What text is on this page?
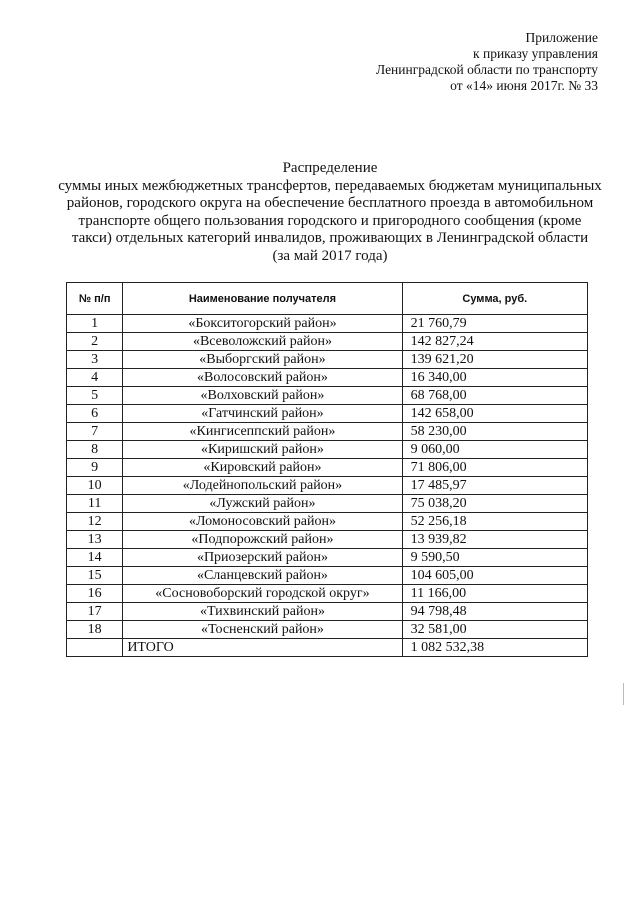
Приложение
к приказу управления
Ленинградской области по транспорту
от «14» июня 2017г. № 33
Распределение
суммы иных межбюджетных трансфертов, передаваемых бюджетам муниципальных
районов, городского округа на обеспечение бесплатного проезда в автомобильном
транспорте общего пользования городского и пригородного сообщения (кроме
такси) отдельных категорий инвалидов, проживающих в Ленинградской области
(за май 2017 года)
№ п/п	Наименование получателя	Сумма, руб.
1	«Бокситогорский район»	21 760,79
2	«Всеволожский район»	142 827,24
3	«Выборгский район»	139 621,20
4	«Волосовский район»	16 340,00
5	«Волховский район»	68 768,00
6	«Гатчинский район»	142 658,00
7	«Кингисеппский район»	58 230,00
8	«Киришский район»	9 060,00
9	«Кировский район»	71 806,00
10	«Лодейнопольский район»	17 485,97
11	«Лужский район»	75 038,20
12	«Ломоносовский район»	52 256,18
13	«Подпорожский район»	13 939,82
14	«Приозерский район»	9 590,50
15	«Сланцевский район»	104 605,00
16	«Сосновоборский городской округ»	11 166,00
17	«Тихвинский район»	94 798,48
18	«Тосненский район»	32 581,00
	ИТОГО	1 082 532,38
